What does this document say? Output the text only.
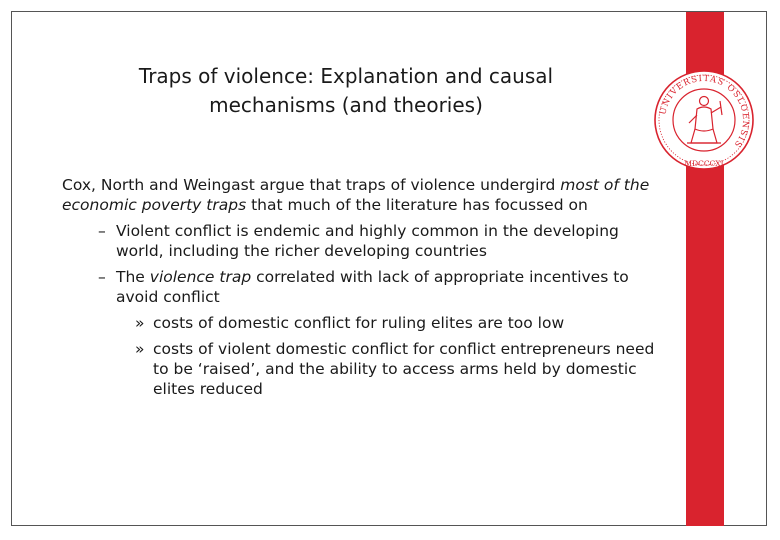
UNIVERSITAS OSLOENSIS
MDCCCXI
Traps of violence: Explanation and causal
mechanisms (and theories)

Cox, North and Weingast argue that traps of violence undergird most of the economic poverty traps that much of the literature has focussed on

– Violent conflict is endemic and highly common in the developing world, including the richer developing countries
– The violence trap correlated with lack of appropriate incentives to avoid conflict
» costs of domestic conflict for ruling elites are too low
» costs of violent domestic conflict for conflict entrepreneurs need to be ‘raised’, and the ability to access arms held by domestic elites reduced
